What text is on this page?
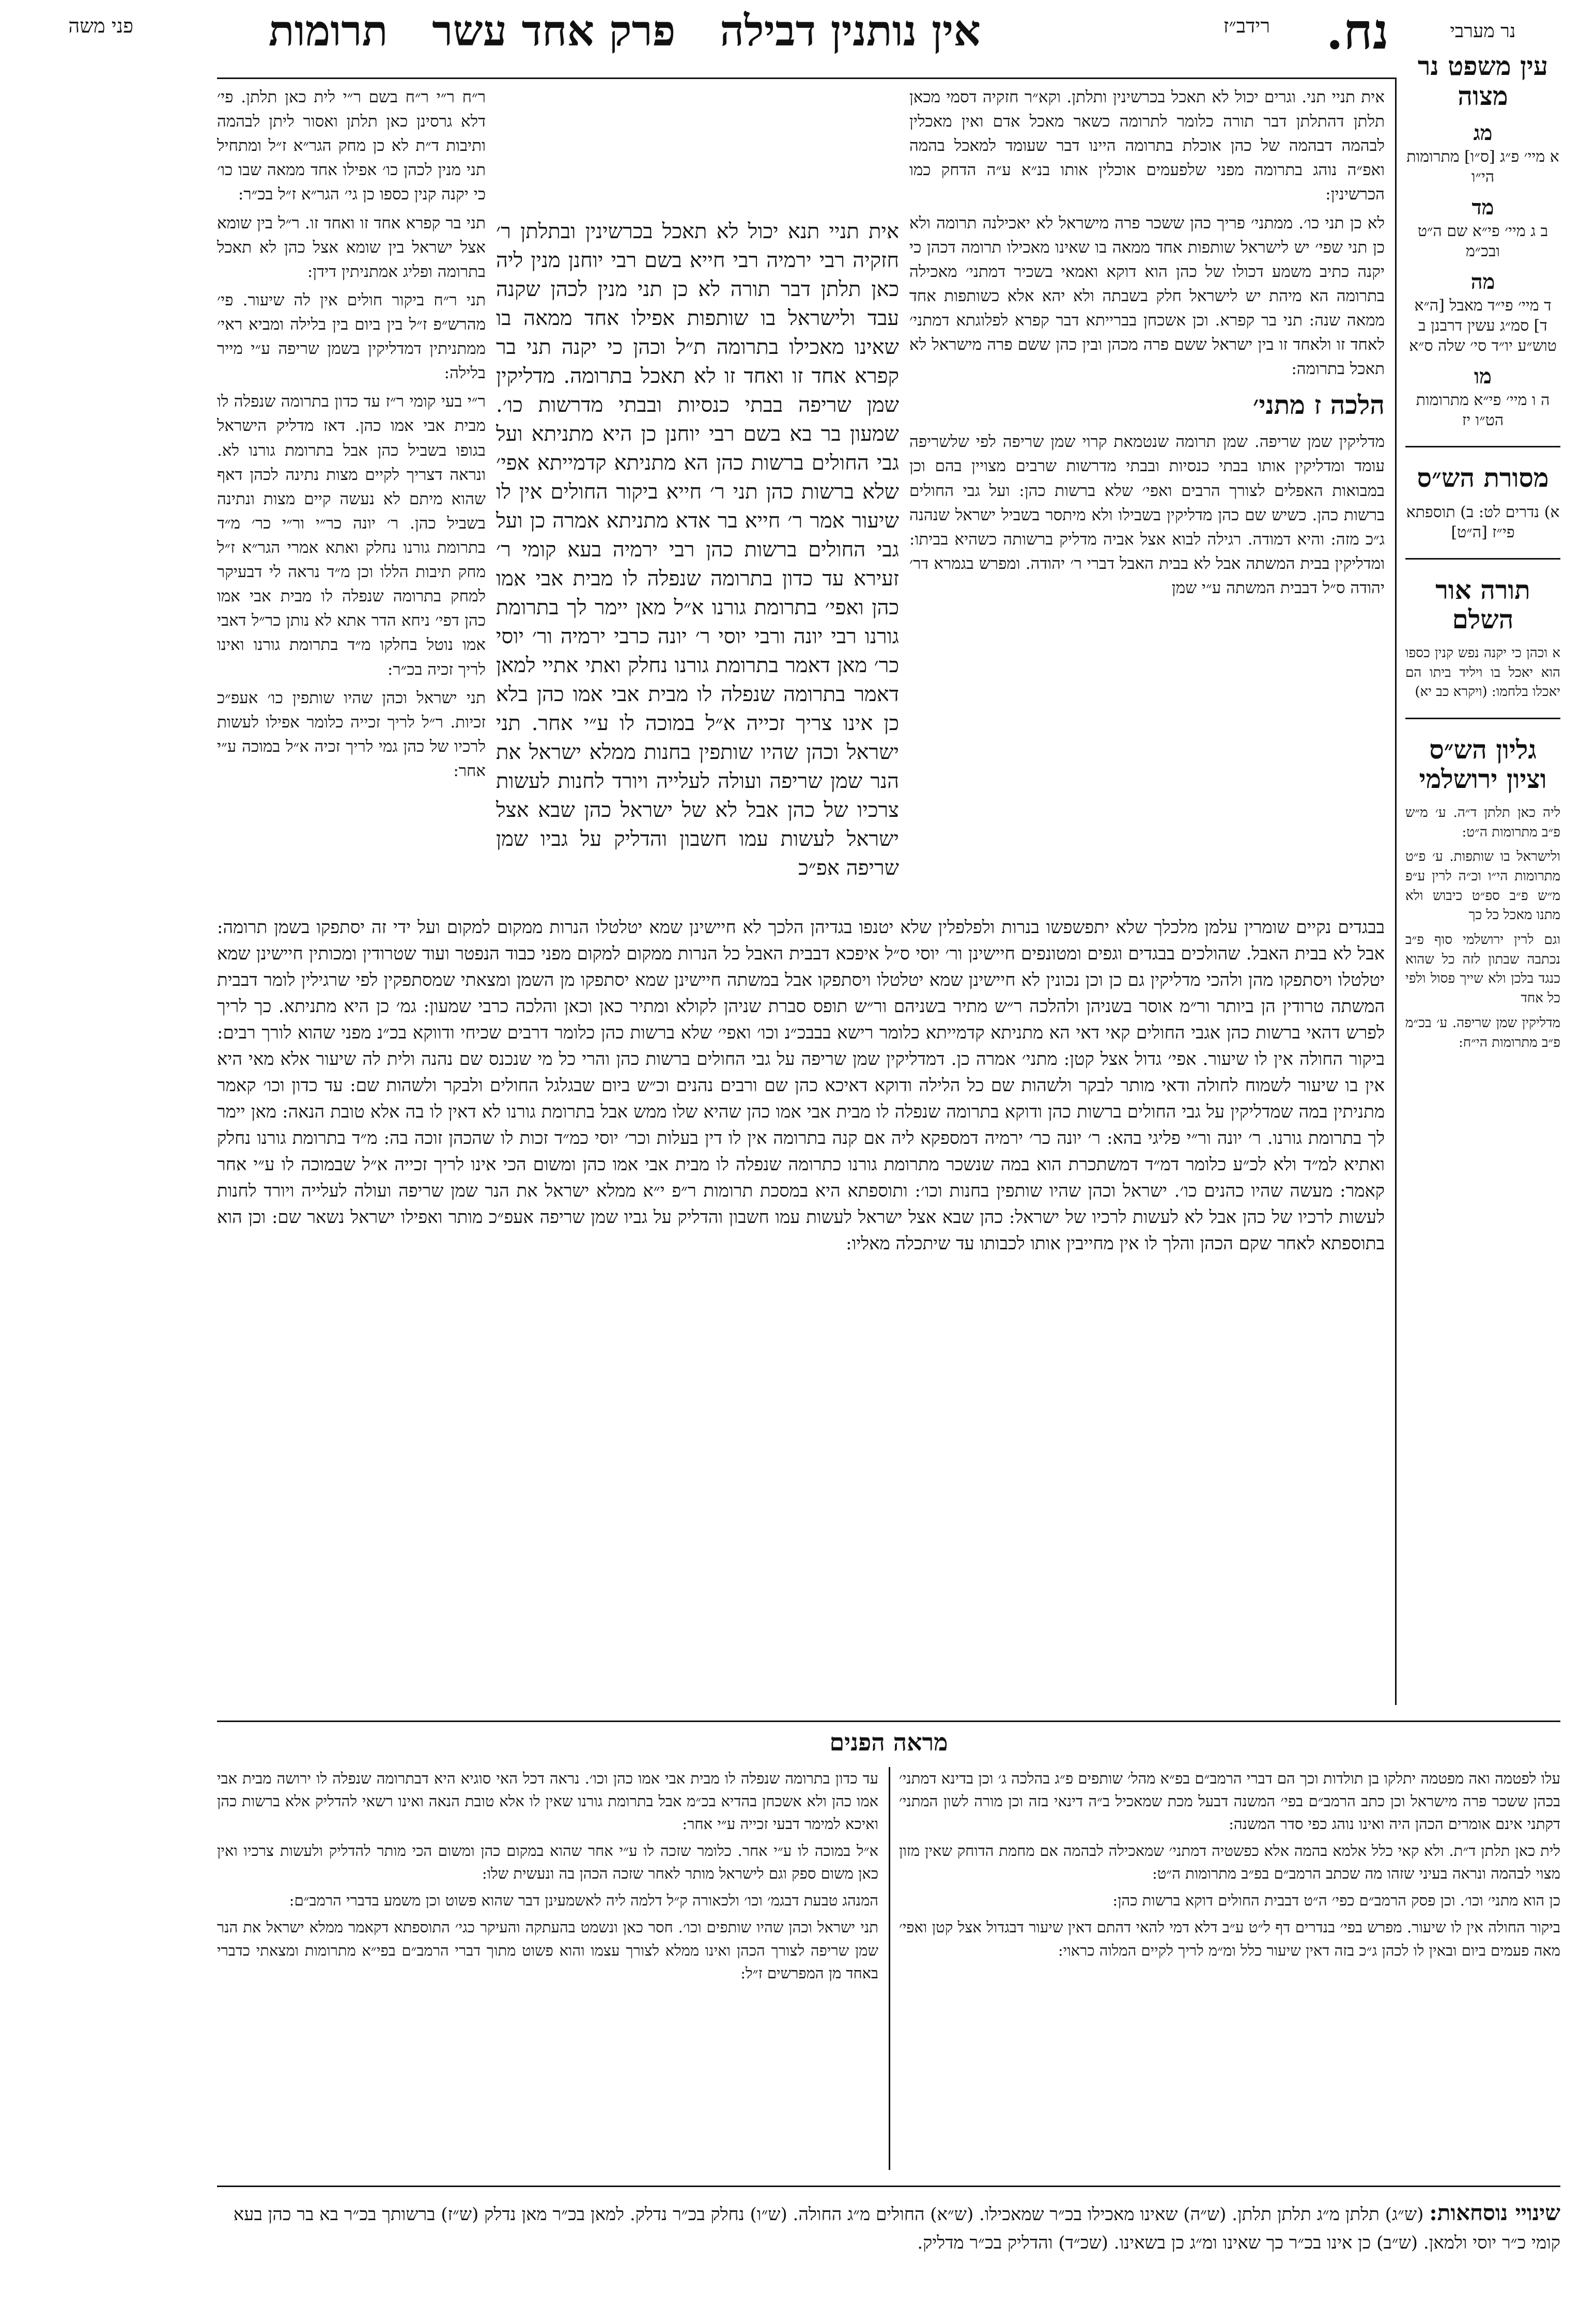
פני משה	אין נותנין דבילה   פרק אחד עשר   תרומות	נח.
רידב״ז	נר מערבי
עין משפט נר מצוה
מג
א מיי׳ פ״ג [ס״ו] מתרומות הי״ו
מד
ב ג מיי׳ פי״א שם ה״ט ובכ״מ
מה
ד מיי׳ פי״ד מאבל [ה״א ד] סמ״ג עשין דרבנן ב טוש״ע יו״ד סי׳ שלה ס״א
מו
ה ו מיי׳ פי״א מתרומות הט״ו יז
מסורת הש״ס
א) נדרים לט: ב) תוספתא פי״ז [ה״ט]
תורה אור השלם
א וכהן כי יקנה נפש קנין כספו הוא יאכל בו ויליד ביתו הם יאכלו בלחמו: (ויקרא כב יא)
גליון הש״ס וציון ירושלמי

ליה כאן תלתן ד״ה. ע׳ מ״ש פ״ב מתרומות ה״ט:

ולישראל בו שותפות. ע׳ פ״ט מתרומות הי״ו וכ״ה לרין ע״פ מ״ש פ״ב ספ״ט כיבוש ולא מתנו מאכל כל כך

וגם לרין ירושלמי סוף פ״ב נכתבה שבתון לזה כל שהוא כנגד בלכן ולא שייך פסול ולפי כל אחד

מדליקין שמן שריפה. ע׳ בכ״מ פ״ב מתרומות הי״ח:

אית תניי תני. וגרים יכול לא תאכל בכרשינין ותלתן. וקא״ר חזקיה דסמי מכאן תלתן דהתלתן דבר תורה כלומר לתרומה כשאר מאכל אדם ואין מאכלין לבהמה דבהמה של כהן אוכלת בתרומה היינו דבר שעומד למאכל בהמה ואפ״ה נוהג בתרומה מפני שלפעמים אוכלין אותו בנ״א ע״ה הדחק כמו הכרשינין:

לא כן תני כו׳. ממתני׳ פריך כהן ששכר פרה מישראל לא יאכילנה תרומה ולא כן תני שפי׳ יש לישראל שותפות אחד ממאה בו שאינו מאכילו תרומה דכהן כי יקנה כתיב משמע דכולו של כהן הוא דוקא ואמאי בשכיר דמתני׳ מאכילה בתרומה הא מיהת יש לישראל חלק בשבתה ולא יהא אלא כשותפות אחד ממאה שנה: תני בר קפרא. וכן אשכחן בברייתא דבר קפרא לפלוגתא דמתני׳ לאחד זו ולאחד זו בין ישראל ששם פרה מכהן ובין כהן ששם פרה מישראל לא תאכל בתרומה:

הלכה ז מתני׳

מדליקין שמן שריפה. שמן תרומה שנטמאת קרוי שמן שריפה לפי שלשריפה עומד ומדליקין אותו בבתי כנסיות ובבתי מדרשות שרבים מצויין בהם וכן במבואות האפלים לצורך הרבים ואפי׳ שלא ברשות כהן: ועל גבי החולים ברשות כהן. כשיש שם כהן מדליקין בשבילו ולא מיתסר בשביל ישראל שנהנה ג״כ מזה: והיא דמודה. רגילה לבוא אצל אביה מדליק ברשותה כשהיא בביתו: ומדליקין בבית המשתה אבל לא בבית האבל דברי ר׳ יהודה. ומפרש בגמרא דר׳ יהודה ס״ל דבבית המשתה ע״י שמן

אית תניי תנא יכול לא תאכל בכרשינין ובתלתן ר׳ חזקיה רבי ירמיה רבי חייא בשם רבי יוחנן מנין ליה כאן תלתן דבר תורה לא כן תני מנין לכהן שקנה עבד ולישראל בו שותפות אפילו אחד ממאה בו שאינו מאכילו בתרומה ת״ל וכהן כי יקנה תני בר קפרא אחד זו ואחד זו לא תאכל בתרומה. מדליקין שמן שריפה בבתי כנסיות ובבתי מדרשות כו׳. שמעון בר בא בשם רבי יוחנן כן היא מתניתא ועל גבי החולים ברשות כהן הא מתניתא קדמייתא אפי׳ שלא ברשות כהן תני ר׳ חייא ביקור החולים אין לו שיעור אמר ר׳ חייא בר אדא מתניתא אמרה כן ועל גבי החולים ברשות כהן רבי ירמיה בעא קומי ר׳ זעירא עד כדון בתרומה שנפלה לו מבית אבי אמו כהן ואפי׳ בתרומת גורנו א״ל מאן יימר לך בתרומת גורנו רבי יונה ורבי יוסי ר׳ יונה כרבי ירמיה ור׳ יוסי כר׳ מאן דאמר בתרומת גורנו נחלק ואתי אתיי למאן דאמר בתרומה שנפלה לו מבית אבי אמו כהן בלא כן אינו צריך זכייה א״ל במוכה לו ע״י אחר. תני ישראל וכהן שהיו שותפין בחנות ממלא ישראל את הנר שמן שריפה ועולה לעלייה ויורד לחנות לעשות צרכיו של כהן אבל לא של ישראל כהן שבא אצל ישראל לעשות עמו חשבון והדליק על גביו שמן שריפה אפ״כ

ר״ח ר״י ר״ח בשם ר״י לית כאן תלתן. פי׳ דלא גרסינן כאן תלתן ואסור ליתן לבהמה ותיבות ד״ת לא כן מחק הגר״א ז״ל ומתחיל תני מנין לכהן כו׳ אפילו אחד ממאה שבו כו׳ כי יקנה קנין כספו כן גי׳ הגר״א ז״ל בכ״ר:

תני בר קפרא אחד זו ואחד זו. ר״ל בין שומא אצל ישראל בין שומא אצל כהן לא תאכל בתרומה ופליג אמתניתין דידן:

תני ר״ח ביקור חולים אין לה שיעור. פי׳ מהרש״פ ז״ל בין ביום בין בלילה ומביא ראי׳ ממתניתין דמדליקין בשמן שריפה ע״י מייר בלילה:

ר״י בעי קומי ר״ז עד כדון בתרומה שנפלה לו מבית אבי אמו כהן. דאז מדליק הישראל בגופו בשביל כהן אבל בתרומת גורנו לא. ונראה דצריך לקיים מצות נתינה לכהן דאף שהוא מיתם לא נעשה קיים מצות ונתינה בשביל כהן. ר׳ יונה כר״י ור״י כר׳ מ״ד בתרומת גורנו נחלק ואתא אמרי הגר״א ז״ל מחק תיבות הללו וכן מ״ד נראה לי דבעיקר למחק בתרומה שנפלה לו מבית אבי אמו כהן דפי׳ ניחא הדר אתא לא נותן כר״ל דאבי אמו נוטל בחלקו מ״ד בתרומת גורנו ואינו לריך זכיה בכ״ר:

תני ישראל וכהן שהיו שותפין כו׳ אעפ״כ זכיות. ר״ל לריך זכייה כלומר אפילו לעשות לרכיו של כהן גמי לריך זכיה א״ל במוכה ע״י אחר:

בבגדים נקיים שומרין עלמן מלכלך שלא יתפשפשו בנרות ולפלפלין שלא יטנפו בגדיהן הלכך לא חיישינן שמא יטלטלו הנרות ממקום למקום ועל ידי זה יסתפקו בשמן תרומה: אבל לא בבית האבל. שהולכים בבגדים וגפים ומטונפים חיישינן ור׳ יוסי ס״ל איפכא דבבית האבל כל הנרות ממקום למקום מפני כבוד הנפטר ועוד שטרודין ומכותין חיישינן שמא יטלטלו ויסתפקו מהן ולהכי מדליקין גם כן וכן נכונין לא חיישינן שמא יטלטלו ויסתפקו אבל במשתה חיישינן שמא יסתפקו מן השמן ומצאתי שמסתפקין לפי שרגילין לומר דבבית המשתה טרודין הן ביותר ור״מ אוסר בשניהן ולהלכה ר״ש מתיר בשניהם ור״ש תופס סברת שניהן לקולא ומתיר כאן וכאן והלכה כרבי שמעון: גמ׳ כן היא מתניתא. כך לריך לפרש דהאי ברשות כהן אגבי החולים קאי דאי הא מתניתא קדמייתא כלומר רישא בבבכ״נ וכו׳ ואפי׳ שלא ברשות כהן כלומר דרבים שכיחי ודווקא בכ״נ מפני שהוא לורך רבים: ביקור החולה אין לו שיעור. אפי׳ גדול אצל קטן: מתני׳ אמרה כן. דמדליקין שמן שריפה על גבי החולים ברשות כהן והרי כל מי שנכנס שם נהנה ולית לה שיעור אלא מאי היא אין בו שיעור לשמוח לחולה ודאי מותר לבקר ולשהות שם כל הלילה ודוקא דאיכא כהן שם ורבים נהנים וכ״ש ביום שבגלגל החולים ולבקר ולשהות שם: עד כדון וכו׳ קאמר מתניתין במה שמדליקין על גבי החולים ברשות כהן ודוקא בתרומה שנפלה לו מבית אבי אמו כהן שהיא שלו ממש אבל בתרומת גורנו לא דאין לו בה אלא טובת הנאה: מאן יימר לך בתרומת גורנו. ר׳ יונה ור״י פליגי בהא: ר׳ יונה כר׳ ירמיה דמספקא ליה אם קנה בתרומה אין לו דין בעלות וכר׳ יוסי כמ״ד זכות לו שהכהן זוכה בה: מ״ד בתרומת גורנו נחלק ואתיא למ״ד ולא לכ״ע כלומר דמ״ד דמשתכרת הוא במה שנשכר מתרומת גורנו כתרומה שנפלה לו מבית אבי אמו כהן ומשום הכי אינו לריך זכייה א״ל שבמוכה לו ע״י אחר קאמר: מעשה שהיו כהנים כו׳. ישראל וכהן שהיו שותפין בחנות וכו׳: ותוספתא היא במסכת תרומות ר״פ י״א ממלא ישראל את הנר שמן שריפה ועולה לעלייה ויורד לחנות לעשות לרכיו של כהן אבל לא לעשות לרכיו של ישראל: כהן שבא אצל ישראל לעשות עמו חשבון והדליק על גביו שמן שריפה אעפ״כ מותר ואפילו ישראל נשאר שם: וכן הוא בתוספתא לאחר שקם הכהן והלך לו אין מחייבין אותו לכבותו עד שיתכלה מאליו:

מראה הפנים

עלו לפטמה ואה מפטמה יתלקו בן תולדות וכך הם דברי הרמב״ם בפ״א מהל׳ שותפים פ״ג בהלכה ג׳ וכן בדינא דמתני׳ בכהן ששכר פרה מישראל וכן כתב הרמב״ם בפי׳ המשנה דבעל מכת שמאכיל ב״ה דינאי בזה וכן מורה לשון המתני׳ דקתני אינם אומרים הכהן היה ואינו נוהג כפי סדר המשנה:

לית כאן תלתן ד״ת. ולא קאי כלל אלמא בהמה אלא כפשטיה דמתני׳ שמאכילה לבהמה אם מחמת הדוחק שאין מזון מצוי לבהמה ונראה בעיני שזהו מה שכתב הרמב״ם בפ״ב מתרומות ה״ט:

כן הוא מתני׳ וכו׳. וכן פסק הרמב״ם כפי׳ ה״ט דבבית החולים דוקא ברשות כהן:

ביקור החולה אין לו שיעור. מפרש בפי׳ בנדרים דף ל״ט ע״ב דלא דמי להאי דהתם דאין שיעור דבגדול אצל קטן ואפי׳ מאה פעמים ביום ובאין לו לכהן ג״כ בזה דאין שיעור כלל ומ״מ לריך לקיים המלוה כראוי:

עד כדון בתרומה שנפלה לו מבית אבי אמו כהן וכו׳. נראה דכל האי סוגיא היא דבתרומה שנפלה לו ירושה מבית אבי אמו כהן ולא אשכחן בהדיא בכ״מ אבל בתרומת גורנו שאין לו אלא טובת הנאה ואינו רשאי להדליק אלא ברשות כהן ואיכא למימר דבעי זכייה ע״י אחר:

א״ל במוכה לו ע״י אחר. כלומר שזכה לו ע״י אחר שהוא במקום כהן ומשום הכי מותר להדליק ולעשות צרכיו ואין כאן משום ספק וגם לישראל מותר לאחר שזכה הכהן בה ונעשית שלו:

המנהג טבעת דבגמ׳ וכו׳ ולכאורה ק״ל דלמה ליה לאשמעינן דבר שהוא פשוט וכן משמע בדברי הרמב״ם:

תני ישראל וכהן שהיו שותפים וכו׳. חסר כאן ונשמט בהעתקה והעיקר כגי׳ התוספתא דקאמר ממלא ישראל את הנר שמן שריפה לצורך הכהן ואינו ממלא לצורך עצמו והוא פשוט מתוך דברי הרמב״ם בפי״א מתרומות ומצאתי כדברי באחד מן המפרשים ז״ל:

שינויי נוסחאות: (ש״ג) תלתן מ״ג תלתן תלתן. (ש״ה) שאינו מאכילו בכ״ר שמאכילו. (ש״א) החולים מ״ג החולה. (ש״ו) נחלק בכ״ר נדלק. למאן בכ״ר מאן נדלק (ש״ז) ברשותך בכ״ר בא בר כהן בעא קומי כ״ר יוסי ולמאן. (ש״ב) כן אינו בכ״ר כך שאינו ומ״ג כן בשאינו. (שכ״ד) והדליק בכ״ר מדליק.
